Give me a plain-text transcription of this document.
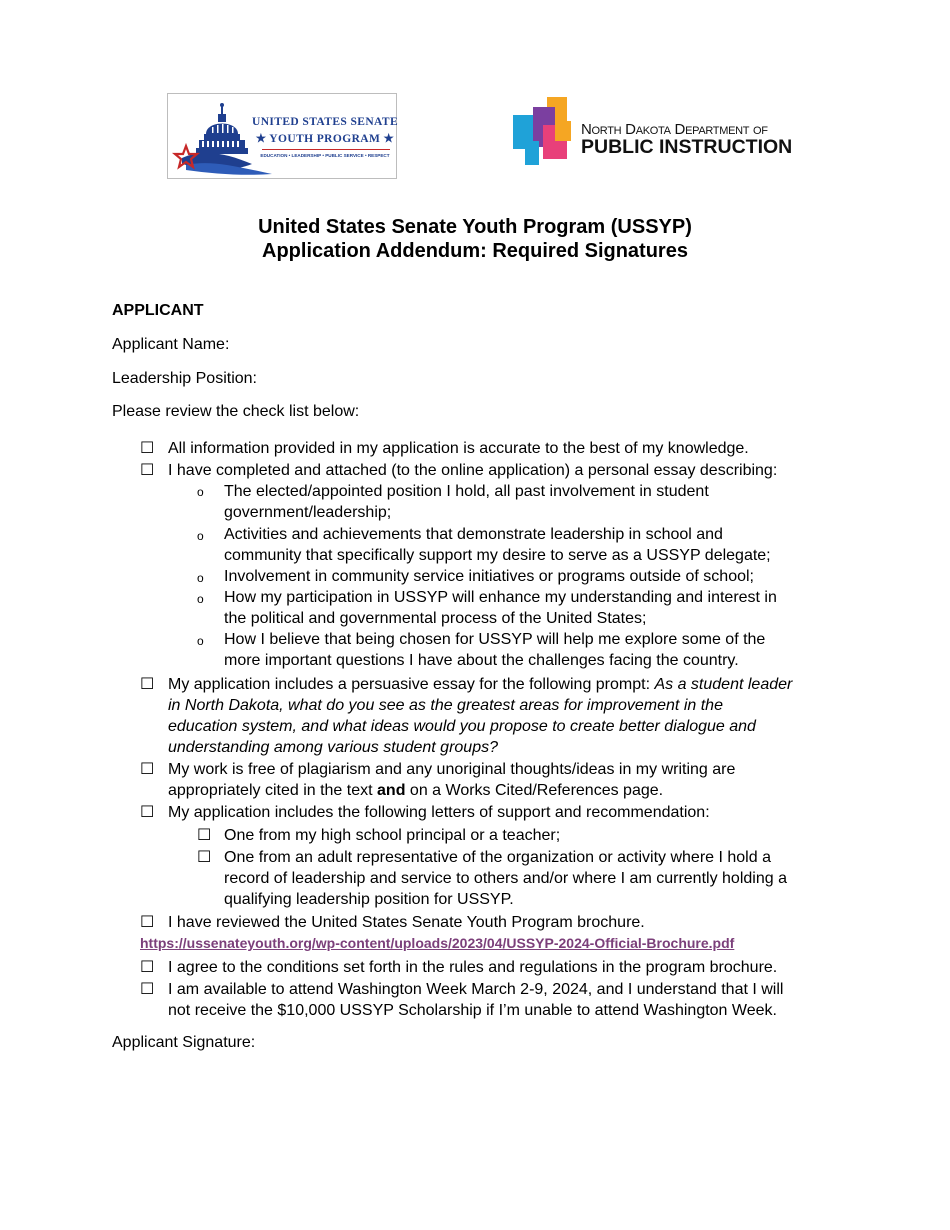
UNITED STATES SENATE
★ YOUTH PROGRAM ★
EDUCATION • LEADERSHIP • PUBLIC SERVICE • RESPECT
North Dakota Department of
PUBLIC INSTRUCTION
United States Senate Youth Program (USSYP)
Application Addendum: Required Signatures
APPLICANT
Applicant Name:
Leadership Position:
Please review the check list below:
☐ All information provided in my application is accurate to the best of my knowledge.
☐ I have completed and attached (to the online application) a personal essay describing:
o The elected/appointed position I hold, all past involvement in student
government/leadership;
o Activities and achievements that demonstrate leadership in school and
community that specifically support my desire to serve as a USSYP delegate;
o Involvement in community service initiatives or programs outside of school;
o How my participation in USSYP will enhance my understanding and interest in
the political and governmental process of the United States;
o How I believe that being chosen for USSYP will help me explore some of the
more important questions I have about the challenges facing the country.
☐ My application includes a persuasive essay for the following prompt: As a student leader
in North Dakota, what do you see as the greatest areas for improvement in the
education system, and what ideas would you propose to create better dialogue and
understanding among various student groups?
☐ My work is free of plagiarism and any unoriginal thoughts/ideas in my writing are
appropriately cited in the text and on a Works Cited/References page.
☐ My application includes the following letters of support and recommendation:
☐ One from my high school principal or a teacher;
☐ One from an adult representative of the organization or activity where I hold a
record of leadership and service to others and/or where I am currently holding a
qualifying leadership position for USSYP.
☐ I have reviewed the United States Senate Youth Program brochure.
https://ussenateyouth.org/wp-content/uploads/2023/04/USSYP-2024-Official-Brochure.pdf
☐ I agree to the conditions set forth in the rules and regulations in the program brochure.
☐ I am available to attend Washington Week March 2-9, 2024, and I understand that I will
not receive the $10,000 USSYP Scholarship if I’m unable to attend Washington Week.
Applicant Signature:
